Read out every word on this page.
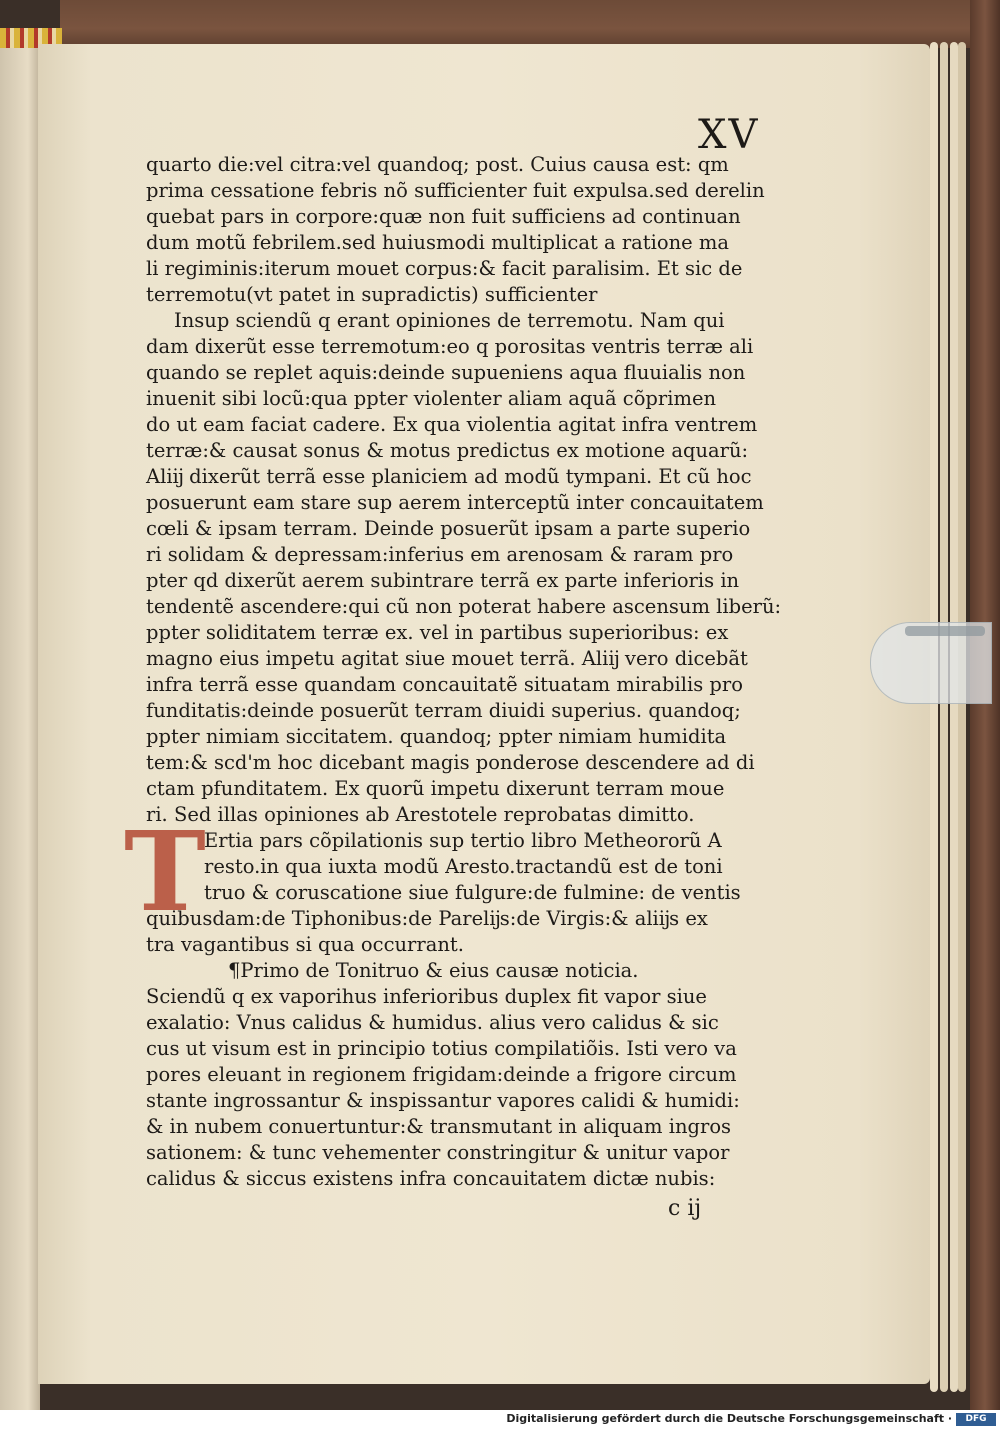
XV
T
quarto die:vel citra:vel quandoq; post. Cuius causa est: qm
prima cessatione febris nõ sufficienter fuit expulsa.sed derelin
quebat pars in corpore:quæ non fuit sufficiens ad continuan
dum motũ febrilem.sed huiusmodi multiplicat a ratione ma
li regiminis:iterum mouet corpus:& facit paralisim. Et sic de
terremotu(vt patet in supradictis) sufficienter
Insup sciendũ q erant opiniones de terremotu. Nam qui
dam dixerũt esse terremotum:eo q porositas ventris terræ ali
quando se replet aquis:deinde supueniens aqua fluuialis non
inuenit sibi locũ:qua ppter violenter aliam aquã cõprimen
do ut eam faciat cadere. Ex qua violentia agitat infra ventrem
terræ:& causat sonus & motus predictus ex motione aquarũ:
Aliĳ dixerũt terrã esse planiciem ad modũ tympani. Et cũ hoc
posuerunt eam stare sup aerem interceptũ inter concauitatem
cœli & ipsam terram. Deinde posuerũt ipsam a parte superio
ri solidam & depressam:inferius em arenosam & raram pro
pter qd dixerũt aerem subintrare terrã ex parte inferioris in
tendentẽ ascendere:qui cũ non poterat habere ascensum liberũ:
ppter soliditatem terræ ex. vel in partibus superioribus: ex
magno eius impetu agitat siue mouet terrã. Aliĳ vero dicebãt
infra terrã esse quandam concauitatẽ situatam mirabilis pro
funditatis:deinde posuerũt terram diuidi superius. quandoq;
ppter nimiam siccitatem. quandoq; ppter nimiam humidita
tem:& scd'm hoc dicebant magis ponderose descendere ad di
ctam pfunditatem. Ex quorũ impetu dixerunt terram moue
ri. Sed illas opiniones ab Arestotele reprobatas dimitto.
Ertia pars cõpilationis sup tertio libro Metheororũ A
resto.in qua iuxta modũ Aresto.tractandũ est de toni
truo & coruscatione siue fulgure:de fulmine: de ventis
quibusdam:de Tiphonibus:de Parelĳs:de Virgis:& aliĳs ex
tra vagantibus si qua occurrant.
¶Primo de Tonitruo & eius causæ noticia.
Sciendũ q ex vaporihus inferioribus duplex fit vapor siue
exalatio: Vnus calidus & humidus. alius vero calidus & sic
cus ut visum est in principio totius compilatiõis. Isti vero va
pores eleuant in regionem frigidam:deinde a frigore circum
stante ingrossantur & inspissantur vapores calidi & humidi:
& in nubem conuertuntur:& transmutant in aliquam ingros
sationem: & tunc vehementer constringitur & unitur vapor
calidus & siccus existens infra concauitatem dictæ nubis:
c ij
Digitalisierung gefördert durch die Deutsche Forschungsgemeinschaft ·	DFG
